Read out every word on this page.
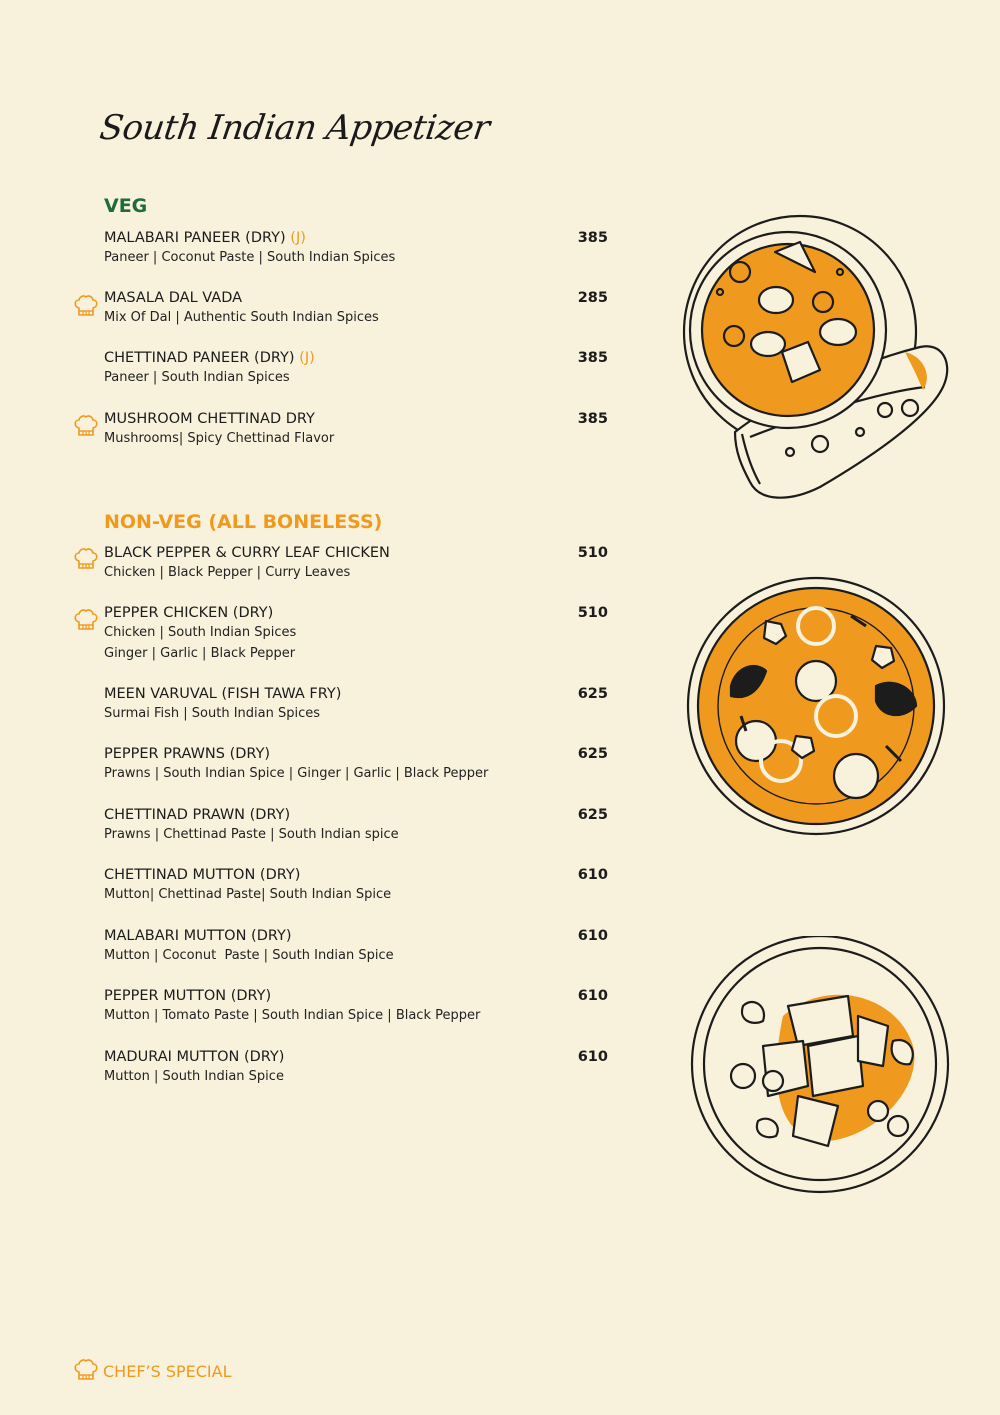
South Indian Appetizer
VEG
MALABARI PANEER (DRY) (J)	385
Paneer | Coconut Paste | South Indian Spices
MASALA DAL VADA	285
Mix Of Dal | Authentic South Indian Spices
CHETTINAD PANEER (DRY) (J)	385
Paneer | South Indian Spices
MUSHROOM CHETTINAD DRY	385
Mushrooms| Spicy Chettinad Flavor
NON-VEG (ALL BONELESS)
BLACK PEPPER & CURRY LEAF CHICKEN	510
Chicken | Black Pepper | Curry Leaves
PEPPER CHICKEN (DRY)	510
Chicken | South Indian Spices
Ginger | Garlic | Black Pepper
MEEN VARUVAL (FISH TAWA FRY)	625
Surmai Fish | South Indian Spices
PEPPER PRAWNS (DRY)	625
Prawns | South Indian Spice | Ginger | Garlic | Black Pepper
CHETTINAD PRAWN (DRY)	625
Prawns | Chettinad Paste | South Indian spice
CHETTINAD MUTTON (DRY)	610
Mutton| Chettinad Paste| South Indian Spice
MALABARI MUTTON (DRY)	610
Mutton | Coconut  Paste | South Indian Spice
PEPPER MUTTON (DRY)	610
Mutton | Tomato Paste | South Indian Spice | Black Pepper
MADURAI MUTTON (DRY)	610
Mutton | South Indian Spice
CHEF’S SPECIAL
